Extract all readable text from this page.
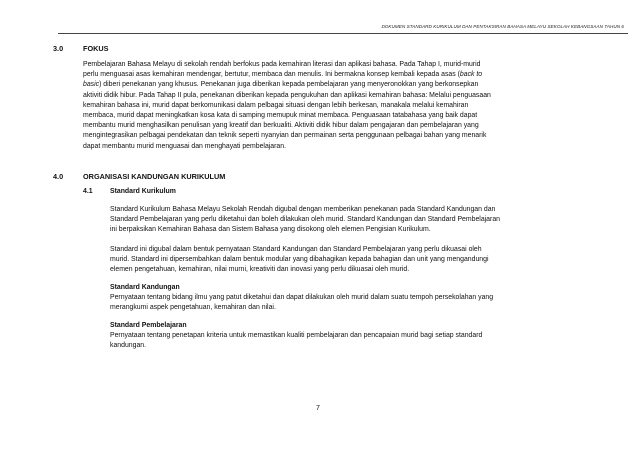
DOKUMEN STANDARD KURIKULUM DAN PENTAKSIRAN BAHASA MELAYU SEKOLAH KEBANGSAAN TAHUN 6
3.0	FOKUS
Pembelajaran Bahasa Melayu di sekolah rendah berfokus pada kemahiran literasi dan aplikasi bahasa. Pada Tahap I, murid-murid
perlu menguasai asas kemahiran mendengar, bertutur, membaca dan menulis. Ini bermakna konsep kembali kepada asas (back to
basic) diberi penekanan yang khusus. Penekanan juga diberikan kepada pembelajaran yang menyeronokkan yang berkonsepkan
aktiviti didik hibur. Pada Tahap II pula, penekanan diberikan kepada pengukuhan dan aplikasi kemahiran bahasa: Melalui penguasaan
kemahiran bahasa ini, murid dapat berkomunikasi dalam pelbagai situasi dengan lebih berkesan, manakala melalui kemahiran
membaca, murid dapat meningkatkan kosa kata di samping memupuk minat membaca. Penguasaan tatabahasa yang baik dapat
membantu murid menghasilkan penulisan yang kreatif dan berkualiti. Aktiviti didik hibur dalam pengajaran dan pembelajaran yang
mengintegrasikan pelbagai pendekatan dan teknik seperti nyanyian dan permainan serta penggunaan pelbagai bahan yang menarik
dapat membantu murid menguasai dan menghayati pembelajaran.
4.0	ORGANISASI KANDUNGAN KURIKULUM
4.1	Standard Kurikulum
Standard Kurikulum Bahasa Melayu Sekolah Rendah digubal dengan memberikan penekanan pada Standard Kandungan dan
Standard Pembelajaran yang perlu diketahui dan boleh dilakukan oleh murid. Standard Kandungan dan Standard Pembelajaran
ini berpaksikan Kemahiran Bahasa dan Sistem Bahasa yang disokong oleh elemen Pengisian Kurikulum.
Standard ini digubal dalam bentuk pernyataan Standard Kandungan dan Standard Pembelajaran yang perlu dikuasai oleh
murid. Standard ini dipersembahkan dalam bentuk modular yang dibahagikan kepada bahagian dan unit yang mengandungi
elemen pengetahuan, kemahiran, nilai murni, kreativiti dan inovasi yang perlu dikuasai oleh murid.
Standard Kandungan
Pernyataan tentang bidang ilmu yang patut diketahui dan dapat dilakukan oleh murid dalam suatu tempoh persekolahan yang
merangkumi aspek pengetahuan, kemahiran dan nilai.
Standard Pembelajaran
Pernyataan tentang penetapan kriteria untuk memastikan kualiti pembelajaran dan pencapaian murid bagi setiap standard
kandungan.
7
